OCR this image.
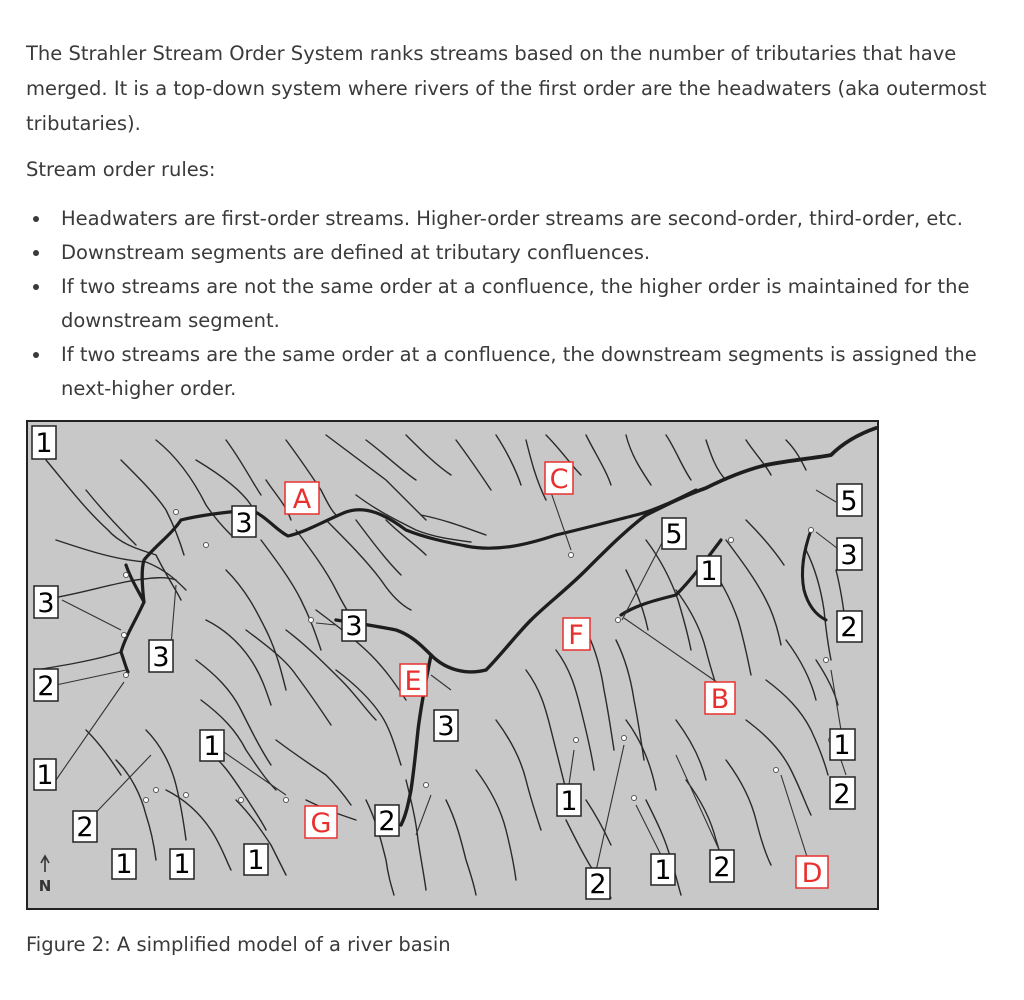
The Strahler Stream Order System ranks streams based on the number of tributaries that have merged. It is a top-down system where rivers of the first order are the headwaters (aka outermost tributaries).

Stream order rules:

Headwaters are first-order streams. Higher-order streams are second-order, third-order, etc.
Downstream segments are defined at tributary confluences.
If two streams are not the same order at a confluence, the higher order is maintained for the downstream segment.
If two streams are the same order at a confluence, the downstream segments is assigned the next-higher order.
1
3
3
2
1
2
3
1
1 1 1
3
2
3
1
2 1 2
5
1
5
3
2
1
2
A
C
E
F
B
G
D
N

Figure 2: A simplified model of a river basin
